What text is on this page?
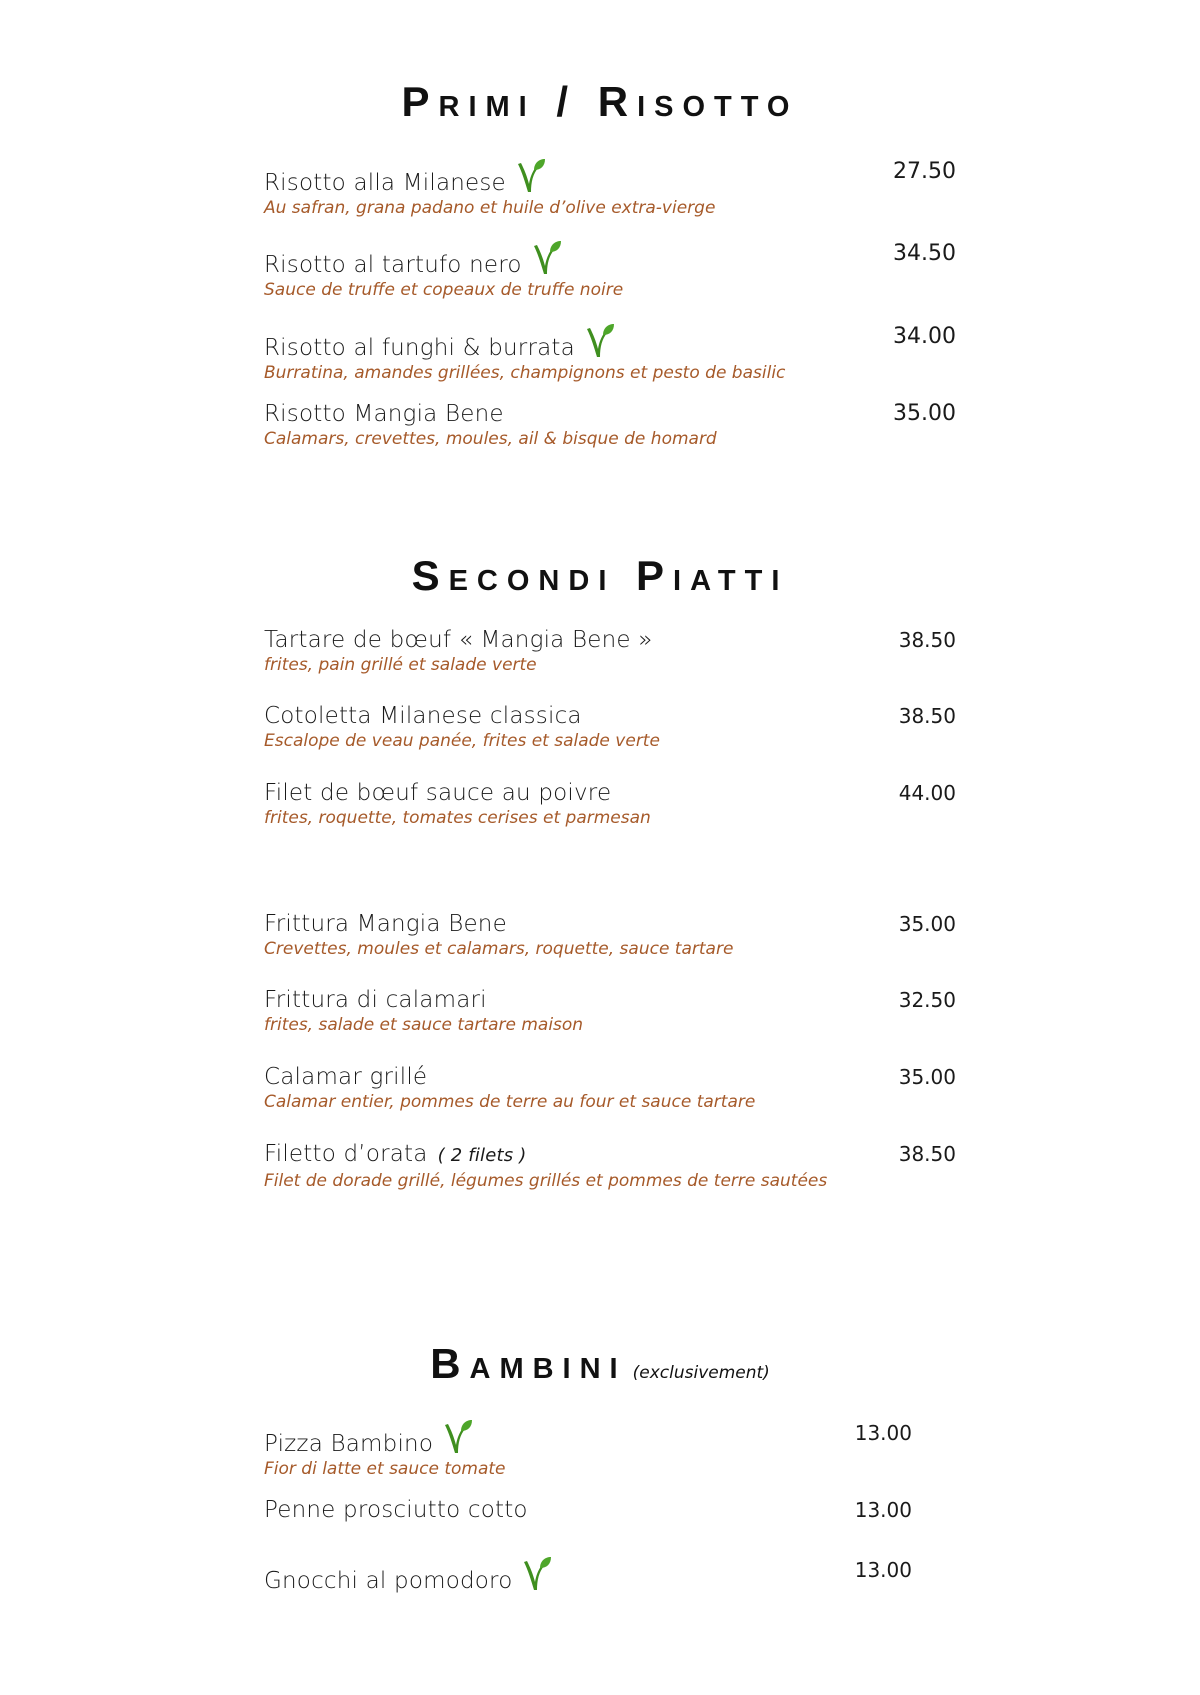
Primi / Risotto
Risotto alla Milanese
Au safran, grana padano et huile d’olive extra-vierge
27.50
Risotto al tartufo nero
Sauce de truffe et copeaux de truffe noire
34.50
Risotto al funghi & burrata
Burratina, amandes grillées, champignons et pesto de basilic
34.00
Risotto Mangia Bene
Calamars, crevettes, moules, ail & bisque de homard
35.00
Secondi Piatti
Tartare de bœuf « Mangia Bene »
frites, pain grillé et salade verte
38.50
Cotoletta Milanese classica
Escalope de veau panée, frites et salade verte
38.50
Filet de bœuf sauce au poivre
frites, roquette, tomates cerises et parmesan
44.00
Frittura Mangia Bene
Crevettes, moules et calamars, roquette, sauce tartare
35.00
Frittura di calamari
frites, salade et sauce tartare maison
32.50
Calamar grillé
Calamar entier, pommes de terre au four et sauce tartare
35.00
Filetto d’orata ( 2 filets )
Filet de dorade grillé, légumes grillés et pommes de terre sautées
38.50
Bambini (exclusivement)
Pizza Bambino
Fior di latte et sauce tomate
13.00
Penne prosciutto cotto	13.00
Gnocchi al pomodoro	13.00
